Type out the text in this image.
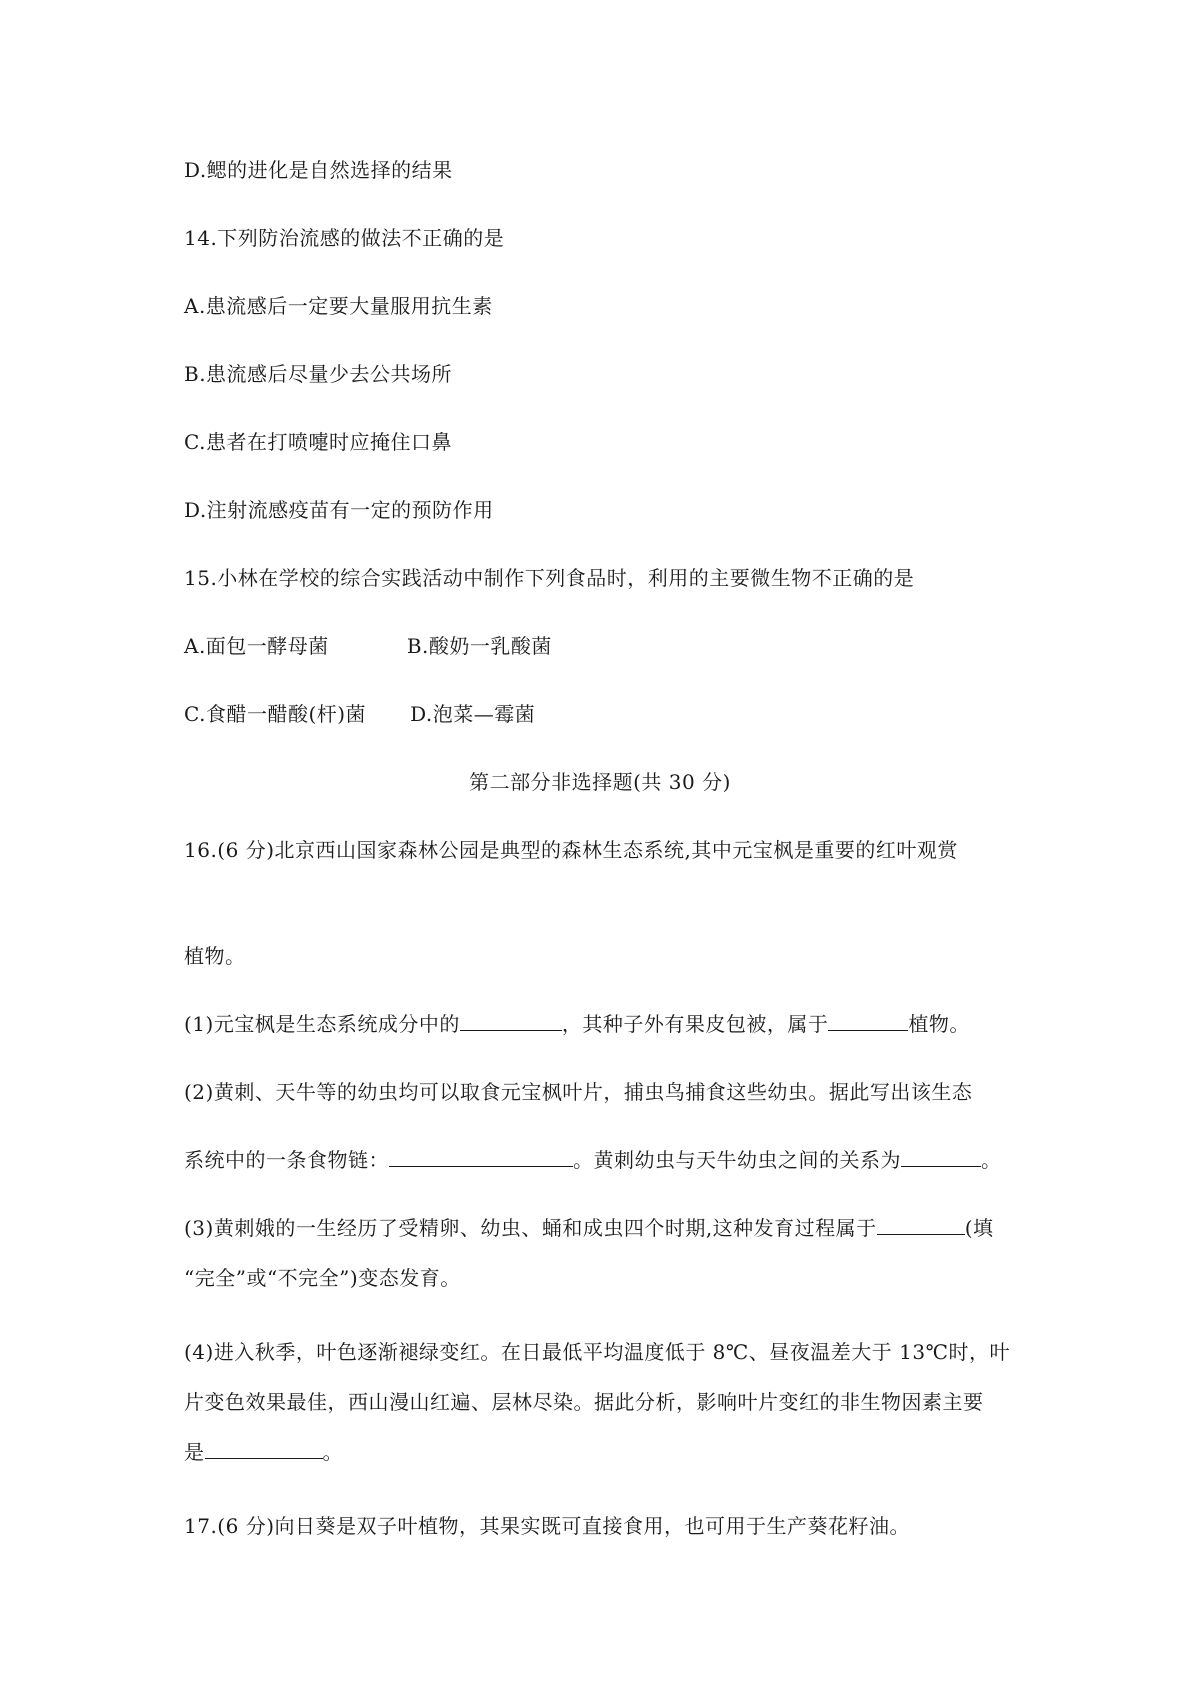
D.鳃的进化是自然选择的结果
14.下列防治流感的做法不正确的是
A.患流感后一定要大量服用抗生素
B.患流感后尽量少去公共场所
C.患者在打喷嚏时应掩住口鼻
D.注射流感疫苗有一定的预防作用
15.小林在学校的综合实践活动中制作下列食品时，利用的主要微生物不正确的是
A.面包一酵母菌	B.酸奶一乳酸菌
C.食醋一醋酸(杆)菌 D.泡菜—霉菌
第二部分非选择题(共 30 分)
16.(6 分)北京西山国家森林公园是典型的森林生态系统,其中元宝枫是重要的红叶观赏
植物。
(1)元宝枫是生态系统成分中的	，其种子外有果皮包被，属于	植物。
(2)黄刺、天牛等的幼虫均可以取食元宝枫叶片，捕虫鸟捕食这些幼虫。据此写出该生态
系统中的一条食物链：	。黄刺幼虫与天牛幼虫之间的关系为	。
(3)黄刺娥的一生经历了受精卵、幼虫、蛹和成虫四个时期,这种发育过程属于	(填
“完全”或“不完全”)变态发育。
(4)进入秋季，叶色逐渐褪绿变红。在日最低平均温度低于 8℃、昼夜温差大于 13℃时，叶
片变色效果最佳，西山漫山红遍、层林尽染。据此分析，影响叶片变红的非生物因素主要
是	。
17.(6 分)向日葵是双子叶植物，其果实既可直接食用，也可用于生产葵花籽油。
